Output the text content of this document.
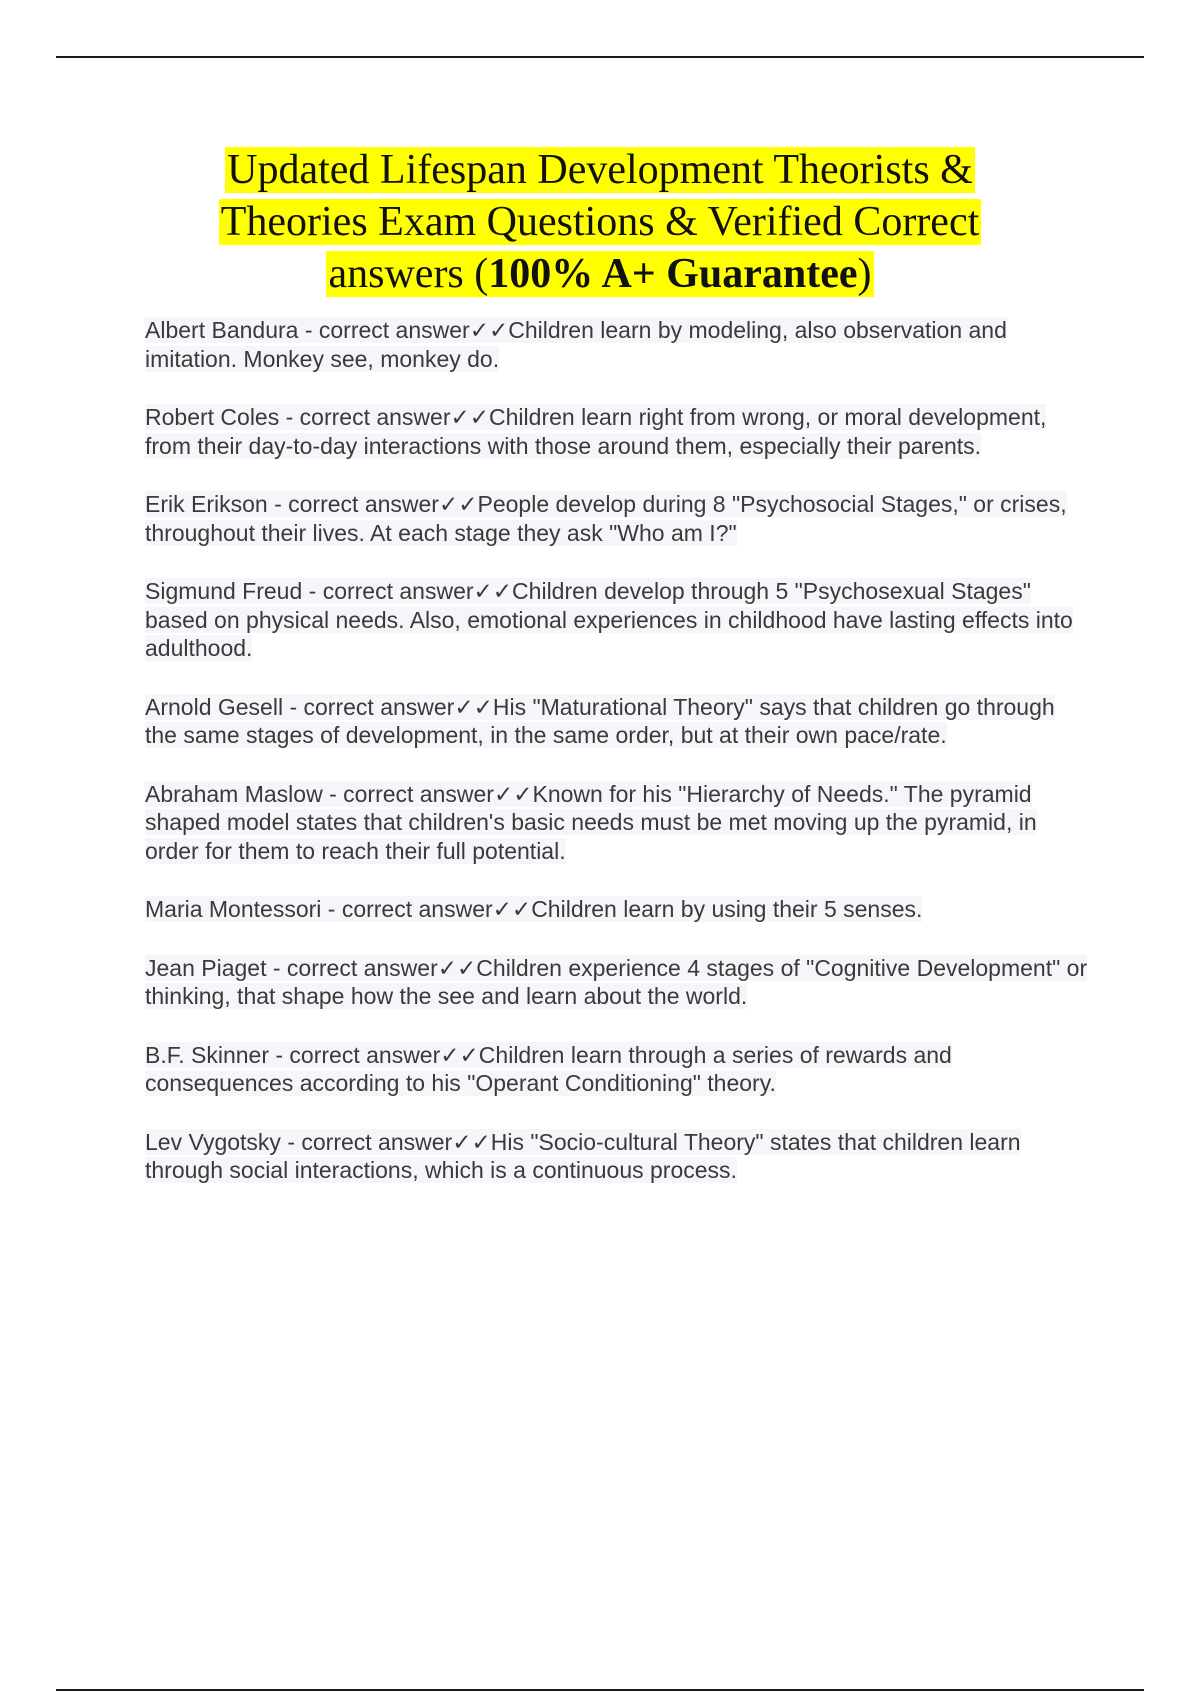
Updated Lifespan Development Theorists & Theories Exam Questions & Verified Correct answers (100% A+ Guarantee)

Albert Bandura - correct answer✓✓Children learn by modeling, also observation and imitation. Monkey see, monkey do.

Robert Coles - correct answer✓✓Children learn right from wrong, or moral development, from their day-to-day interactions with those around them, especially their parents.

Erik Erikson - correct answer✓✓People develop during 8 "Psychosocial Stages," or crises, throughout their lives. At each stage they ask "Who am I?"

Sigmund Freud - correct answer✓✓Children develop through 5 "Psychosexual Stages" based on physical needs. Also, emotional experiences in childhood have lasting effects into adulthood.

Arnold Gesell - correct answer✓✓His "Maturational Theory" says that children go through the same stages of development, in the same order, but at their own pace/rate.

Abraham Maslow - correct answer✓✓Known for his "Hierarchy of Needs." The pyramid shaped model states that children's basic needs must be met moving up the pyramid, in order for them to reach their full potential.

Maria Montessori - correct answer✓✓Children learn by using their 5 senses.

Jean Piaget - correct answer✓✓Children experience 4 stages of "Cognitive Development" or thinking, that shape how the see and learn about the world.

B.F. Skinner - correct answer✓✓Children learn through a series of rewards and consequences according to his "Operant Conditioning" theory.

Lev Vygotsky - correct answer✓✓His "Socio-cultural Theory" states that children learn through social interactions, which is a continuous process.
